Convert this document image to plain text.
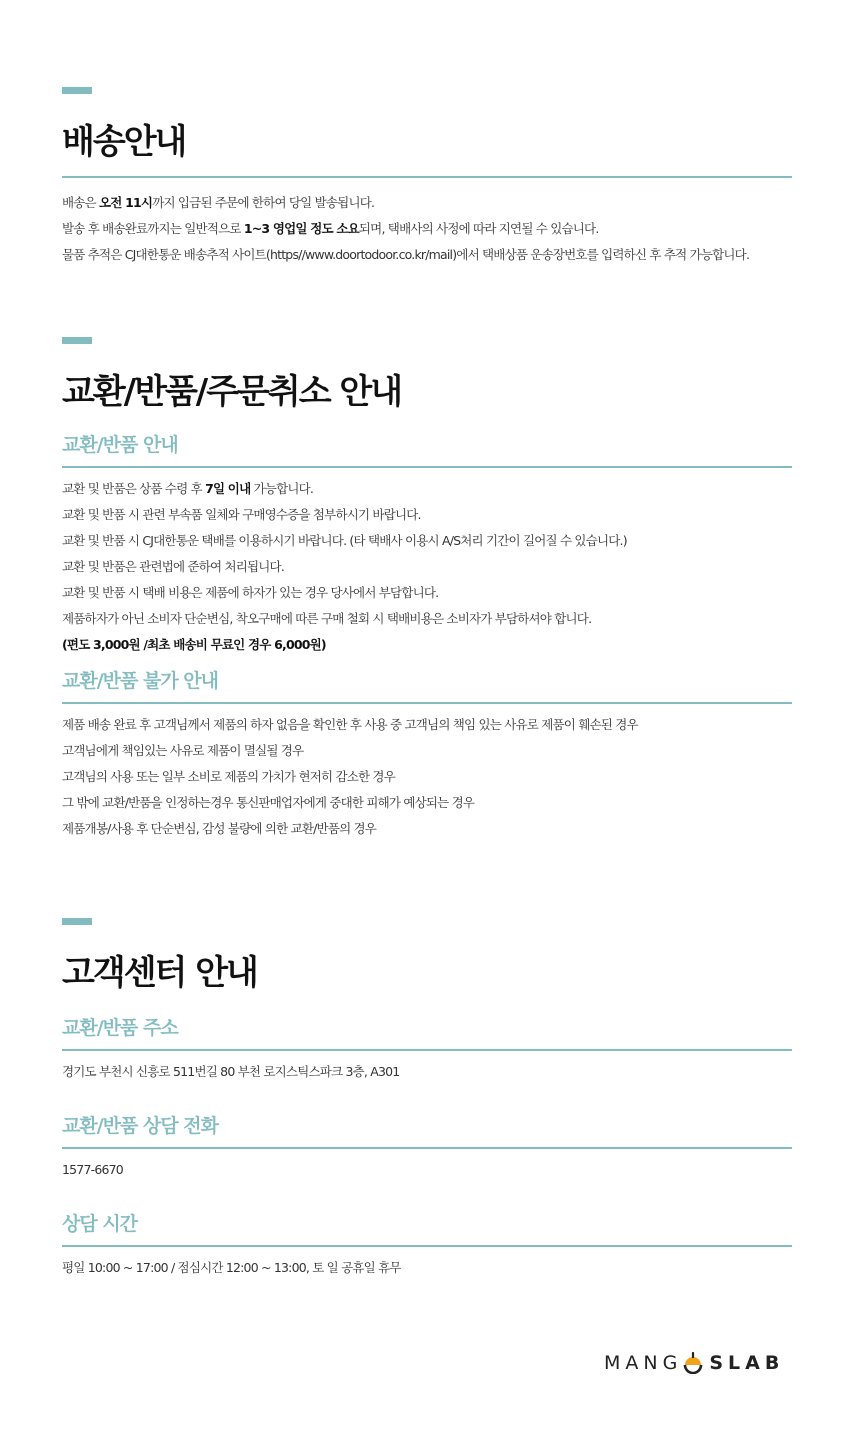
배송안내
배송은 오전 11시까지 입금된 주문에 한하여 당일 발송됩니다.
발송 후 배송완료까지는 일반적으로 1~3 영업일 정도 소요되며, 택배사의 사정에 따라 지연될 수 있습니다.
물품 추적은 CJ대한통운 배송추적 사이트(https//www.doortodoor.co.kr/mail)에서 택배상품 운송장번호를 입력하신 후 추적 가능합니다.
교환/반품/주문취소 안내
교환/반품 안내
교환 및 반품은 상품 수령 후 7일 이내 가능합니다.
교환 및 반품 시 관련 부속품 일체와 구매영수증을 첨부하시기 바랍니다.
교환 및 반품 시 CJ대한통운 택배를 이용하시기 바랍니다. (타 택배사 이용시 A/S처리 기간이 길어질 수 있습니다.)
교환 및 반품은 관련법에 준하여 처리됩니다.
교환 및 반품 시 택배 비용은 제품에 하자가 있는 경우 당사에서 부담합니다.
제품하자가 아닌 소비자 단순변심, 착오구매에 따른 구매 철회 시 택배비용은 소비자가 부담하셔야 합니다.
(편도 3,000원 /최초 배송비 무료인 경우 6,000원)
교환/반품 불가 안내
제품 배송 완료 후 고객님께서 제품의 하자 없음을 확인한 후 사용 중 고객님의 책임 있는 사유로 제품이 훼손된 경우
고객님에게 책임있는 사유로 제품이 멸실될 경우
고객님의 사용 또는 일부 소비로 제품의 가치가 현저히 감소한 경우
그 밖에 교환/반품을 인정하는경우 통신판매업자에게 중대한 피해가 예상되는 경우
제품개봉/사용 후 단순변심, 감성 불량에 의한 교환/반품의 경우
고객센터 안내
교환/반품 주소
경기도 부천시 신흥로 511번길 80 부천 로지스틱스파크 3층, A301
교환/반품 상담 전화
1577-6670
상담 시간
평일 10:00 ~ 17:00 / 점심시간 12:00 ~ 13:00, 토 일 공휴일 휴무
MANG SLAB
